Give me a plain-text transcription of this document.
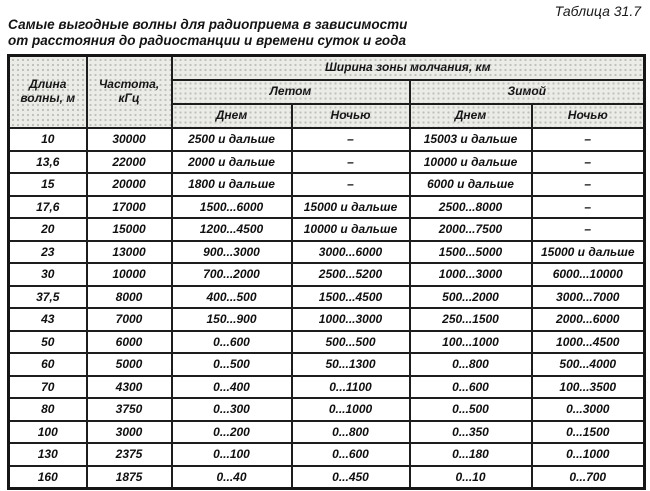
Таблица 31.7
Самые выгодные волны для радиоприема в зависимости
от расстояния до радиостанции и времени суток и года
Длина волны, м	Частота, кГц	Ширина зоны молчания, км			
		Летом		Зимой	
		Днем	Ночью	Днем	Ночью
10	30000	2500 и дальше	–	15003 и дальше	–
13,6	22000	2000 и дальше	–	10000 и дальше	–
15	20000	1800 и дальше	–	6000 и дальше	–
17,6	17000	1500...6000	15000 и дальше	2500...8000	–
20	15000	1200...4500	10000 и дальше	2000...7500	–
23	13000	900...3000	3000...6000	1500...5000	15000 и дальше
30	10000	700...2000	2500...5200	1000...3000	6000...10000
37,5	8000	400...500	1500...4500	500...2000	3000...7000
43	7000	150...900	1000...3000	250...1500	2000...6000
50	6000	0...600	500...500	100...1000	1000...4500
60	5000	0...500	50...1300	0...800	500...4000
70	4300	0...400	0...1100	0...600	100...3500
80	3750	0...300	0...1000	0...500	0...3000
100	3000	0...200	0...800	0...350	0...1500
130	2375	0...100	0...600	0...180	0...1000
160	1875	0...40	0...450	0...10	0...700
